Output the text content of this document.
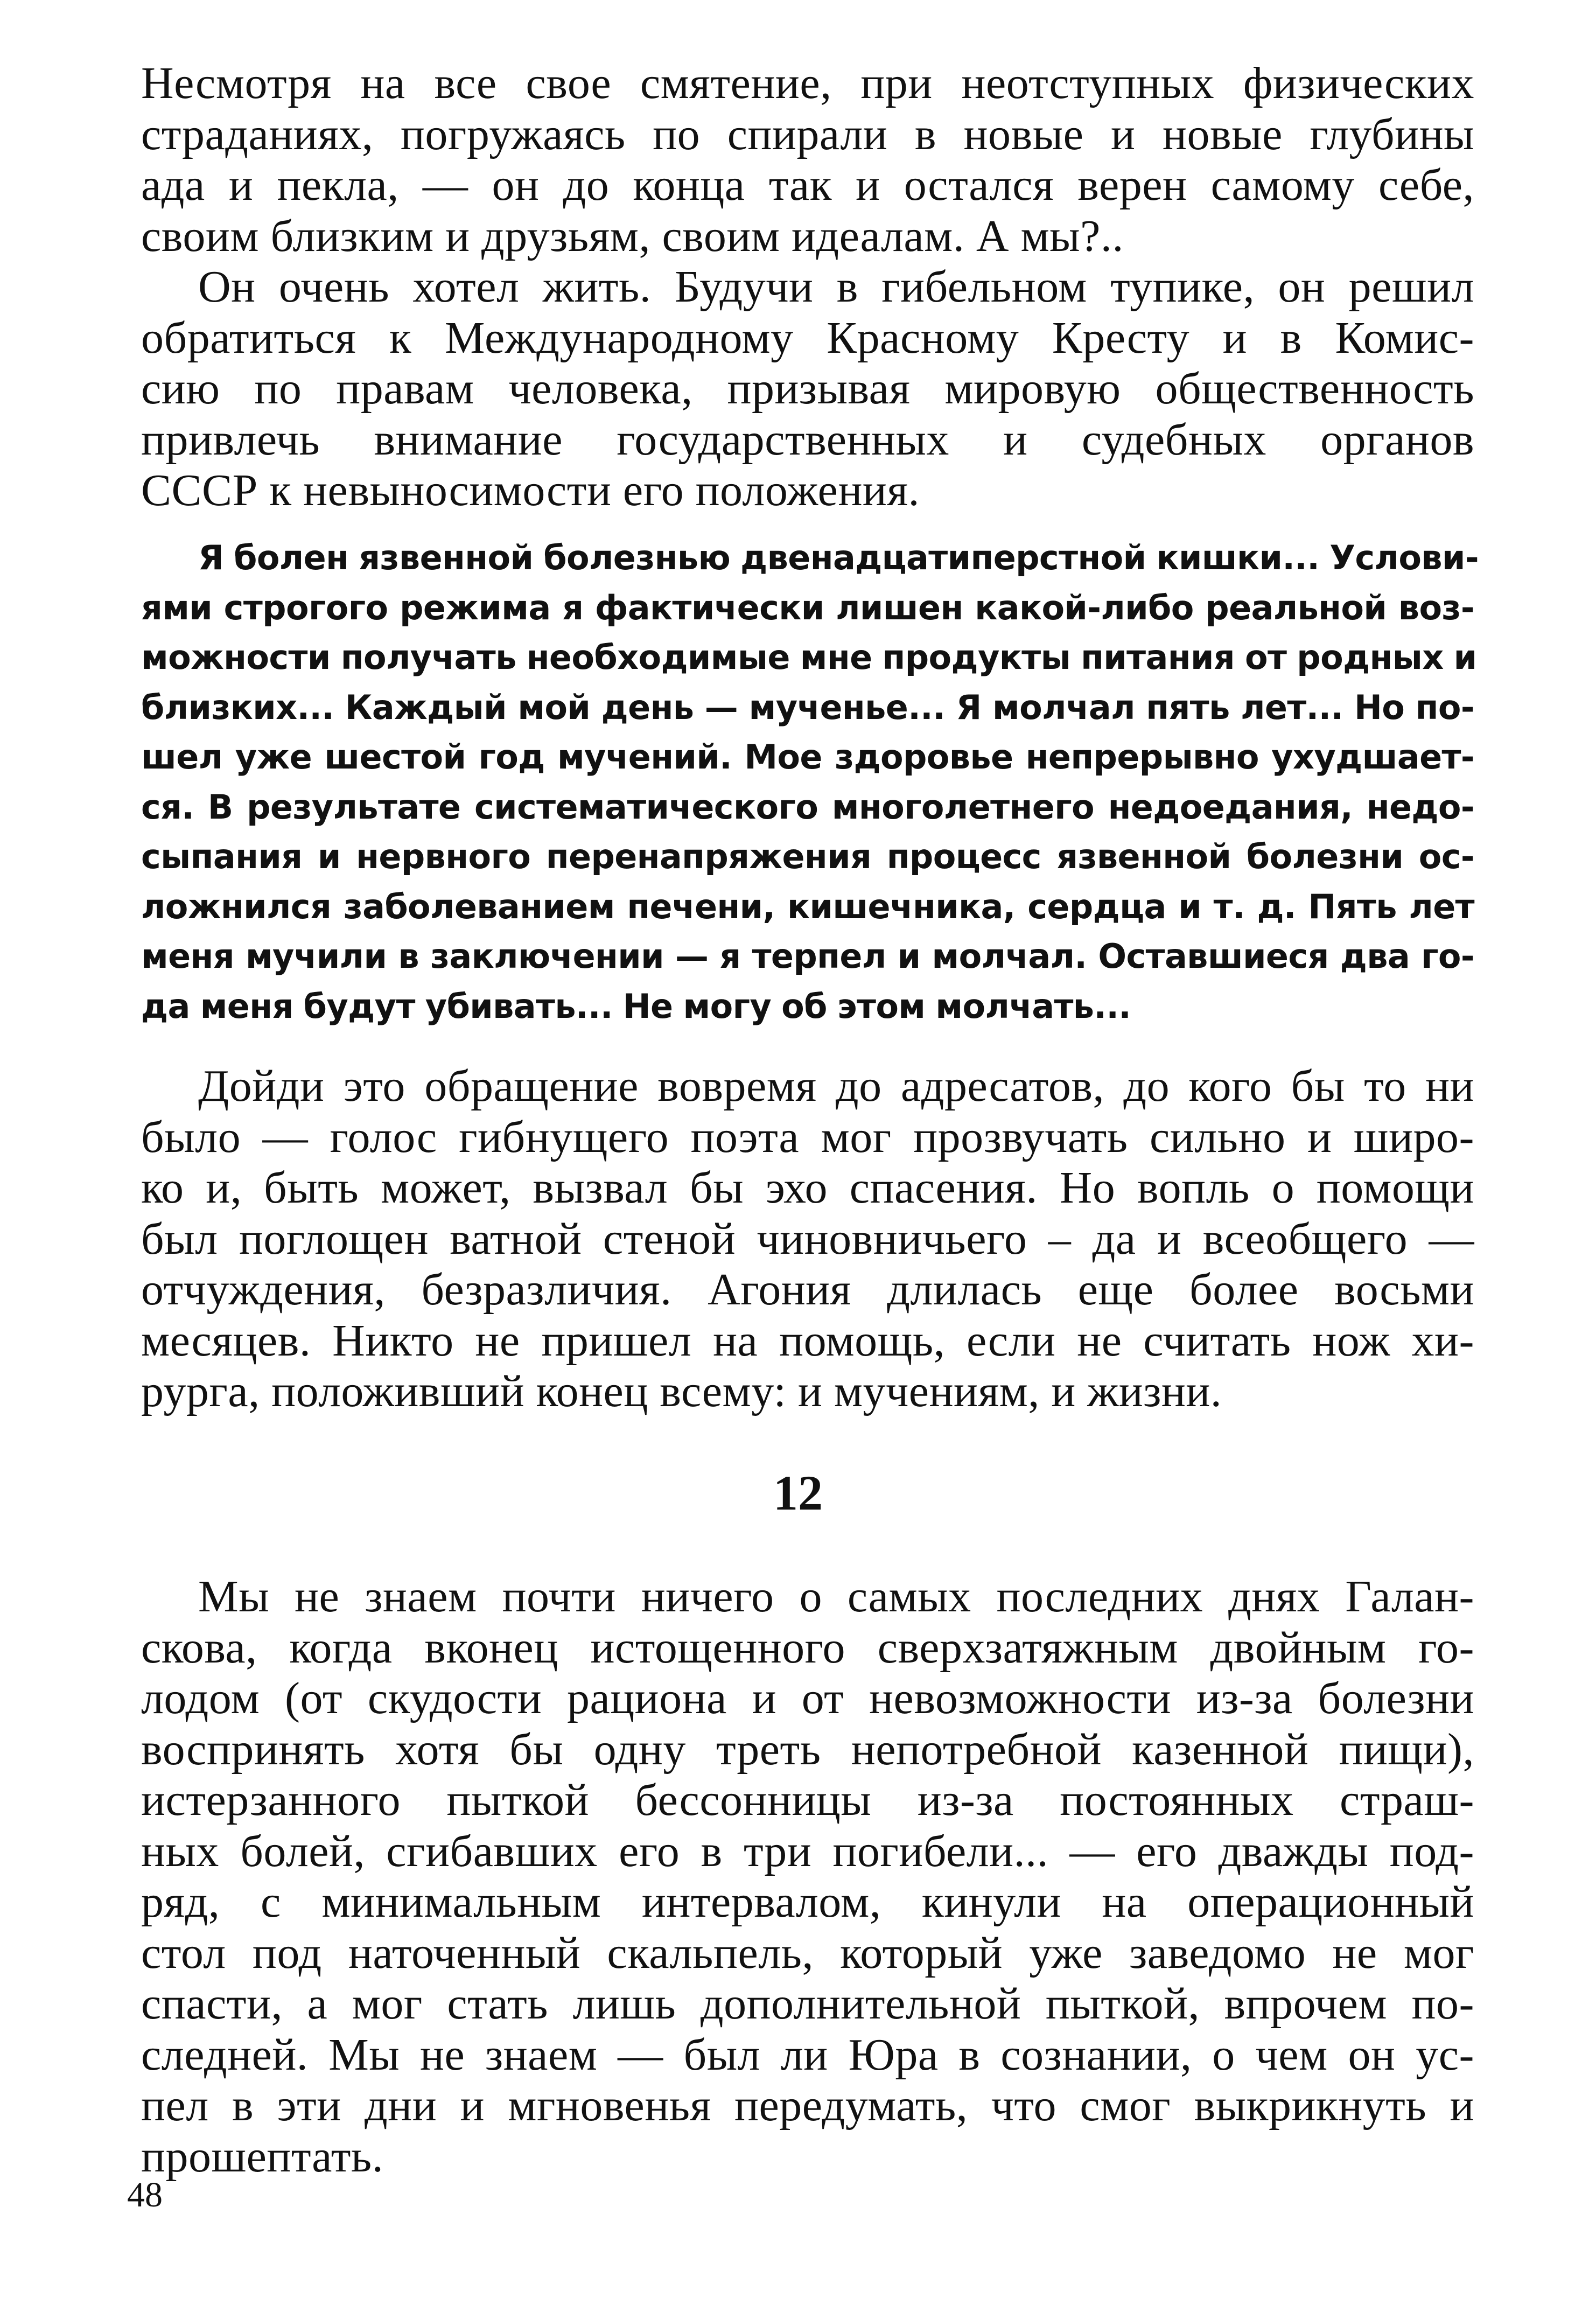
Несмотря на все свое смятение, при неотступных физических
страданиях, погружаясь по спирали в новые и новые глубины
ада и пекла, — он до конца так и остался верен самому себе,
своим близким и друзьям, своим идеалам. А мы?..
Он очень хотел жить. Будучи в гибельном тупике, он решил
обратиться к Международному Красному Кресту и в Комис-
сию по правам человека, призывая мировую общественность
привлечь внимание государственных и судебных органов
СССР к невыносимости его положения.
Я болен язвенной болезнью двенадцатиперстной кишки... Услови-
ями строгого режима я фактически лишен какой-либо реальной воз-
можности получать необходимые мне продукты питания от родных и
близких... Каждый мой день — мученье... Я молчал пять лет... Но по-
шел уже шестой год мучений. Мое здоровье непрерывно ухудшает-
ся. В результате систематического многолетнего недоедания, недо-
сыпания и нервного перенапряжения процесс язвенной болезни ос-
ложнился заболеванием печени, кишечника, сердца и т. д. Пять лет
меня мучили в заключении — я терпел и молчал. Оставшиеся два го-
да меня будут убивать... Не могу об этом молчать...
Дойди это обращение вовремя до адресатов, до кого бы то ни
было — голос гибнущего поэта мог прозвучать сильно и широ-
ко и, быть может, вызвал бы эхо спасения. Но вопль о помощи
был поглощен ватной стеной чиновничьего – да и всеобщего —
отчуждения, безразличия. Агония длилась еще более восьми
месяцев. Никто не пришел на помощь, если не считать нож хи-
рурга, положивший конец всему: и мучениям, и жизни.
12
Мы не знаем почти ничего о самых последних днях Галан-
скова, когда вконец истощенного сверхзатяжным двойным го-
лодом (от скудости рациона и от невозможности из-за болезни
воспринять хотя бы одну треть непотребной казенной пищи),
истерзанного пыткой бессонницы из-за постоянных страш-
ных болей, сгибавших его в три погибели... — его дважды под-
ряд, с минимальным интервалом, кинули на операционный
стол под наточенный скальпель, который уже заведомо не мог
спасти, а мог стать лишь дополнительной пыткой, впрочем по-
следней. Мы не знаем — был ли Юра в сознании, о чем он ус-
пел в эти дни и мгновенья передумать, что смог выкрикнуть и
прошептать.
48
